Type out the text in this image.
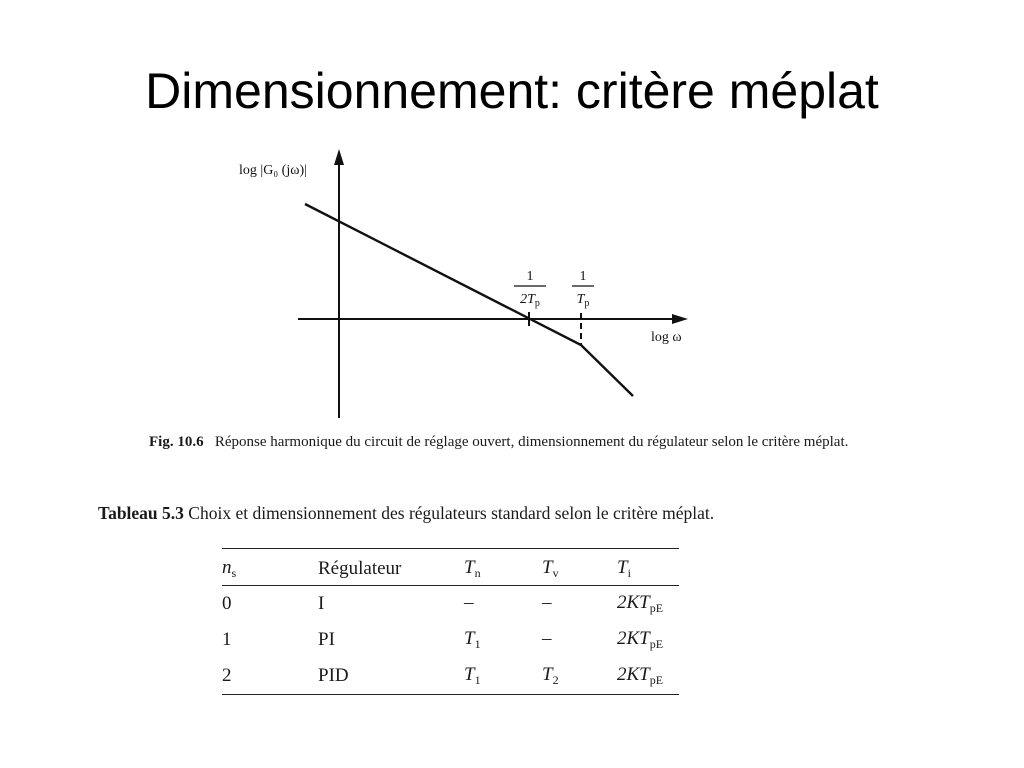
Dimensionnement: critère méplat
log |G₀ (jω)|
log ω
1
$2T_p$
1
$T_p$
Fig. 10.6 Réponse harmonique du circuit de réglage ouvert, dimensionnement du régulateur selon le critère méplat.
Tableau 5.3 Choix et dimensionnement des régulateurs standard selon le critère méplat.
$n_s$	Régulateur	$T_n$	$T_v$	$T_i$
0	I	–	–	$2KT_{pE}$
1	PI	$T_1$	–	$2KT_{pE}$
2	PID	$T_1$	$T_2$	$2KT_{pE}$
